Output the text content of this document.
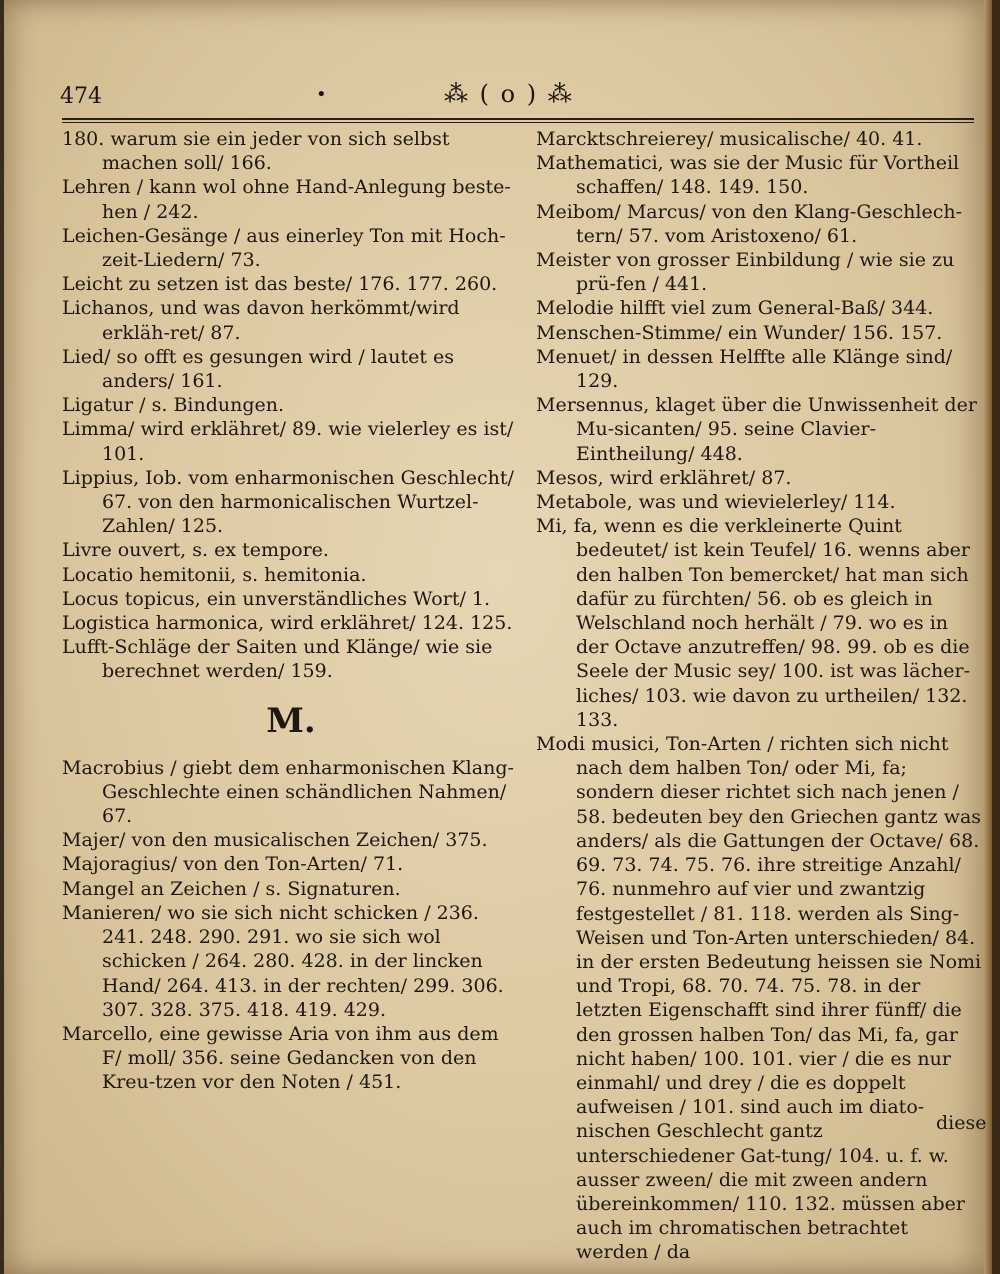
474	•	⁂ ( o ) ⁂

180. warum sie ein jeder von sich selbst machen soll/ 166.

Lehren / kann wol ohne Hand-Anlegung beste-hen / 242.

Leichen-Gesänge / aus einerley Ton mit Hoch-zeit-Liedern/ 73.

Leicht zu setzen ist das beste/ 176. 177. 260.

Lichanos, und was davon herkömmt/wird erkläh-ret/ 87.

Lied/ so offt es gesungen wird / lautet es anders/ 161.

Ligatur / s. Bindungen.

Limma/ wird erklähret/ 89. wie vielerley es ist/ 101.

Lippius, Iob. vom enharmonischen Geschlecht/ 67. von den harmonicalischen Wurtzel-Zahlen/ 125.

Livre ouvert, s. ex tempore.

Locatio hemitonii, s. hemitonia.

Locus topicus, ein unverständliches Wort/ 1.

Logistica harmonica, wird erklähret/ 124. 125.

Lufft-Schläge der Saiten und Klänge/ wie sie berechnet werden/ 159.

M.

Macrobius / giebt dem enharmonischen Klang-Geschlechte einen schändlichen Nahmen/ 67.

Majer/ von den musicalischen Zeichen/ 375.

Majoragius/ von den Ton-Arten/ 71.

Mangel an Zeichen / s. Signaturen.

Manieren/ wo sie sich nicht schicken / 236. 241. 248. 290. 291. wo sie sich wol schicken / 264. 280. 428. in der lincken Hand/ 264. 413. in der rechten/ 299. 306. 307. 328. 375. 418. 419. 429.

Marcello, eine gewisse Aria von ihm aus dem F/ moll/ 356. seine Gedancken von den Kreu-tzen vor den Noten / 451.

Marcktschreierey/ musicalische/ 40. 41.

Mathematici, was sie der Music für Vortheil schaffen/ 148. 149. 150.

Meibom/ Marcus/ von den Klang-Geschlech-tern/ 57. vom Aristoxeno/ 61.

Meister von grosser Einbildung / wie sie zu prü-fen / 441.

Melodie hilfft viel zum General-Baß/ 344.

Menschen-Stimme/ ein Wunder/ 156. 157.

Menuet/ in dessen Helffte alle Klänge sind/ 129.

Mersennus, klaget über die Unwissenheit der Mu-sicanten/ 95. seine Clavier-Eintheilung/ 448.

Mesos, wird erklähret/ 87.

Metabole, was und wievielerley/ 114.

Mi, fa, wenn es die verkleinerte Quint bedeutet/ ist kein Teufel/ 16. wenns aber den halben Ton bemercket/ hat man sich dafür zu fürchten/ 56. ob es gleich in Welschland noch herhält / 79. wo es in der Octave anzutreffen/ 98. 99. ob es die Seele der Music sey/ 100. ist was lächer-liches/ 103. wie davon zu urtheilen/ 132. 133.

Modi musici, Ton-Arten / richten sich nicht nach dem halben Ton/ oder Mi, fa; sondern dieser richtet sich nach jenen / 58. bedeuten bey den Griechen gantz was anders/ als die Gattungen der Octave/ 68. 69. 73. 74. 75. 76. ihre streitige Anzahl/ 76. nunmehro auf vier und zwantzig festgestellet / 81. 118. werden als Sing-Weisen und Ton-Arten unterschieden/ 84. in der ersten Bedeutung heissen sie Nomi und Tropi, 68. 70. 74. 75. 78. in der letzten Eigenschafft sind ihrer fünff/ die den grossen halben Ton/ das Mi, fa, gar nicht haben/ 100. 101. vier / die es nur einmahl/ und drey / die es doppelt aufweisen / 101. sind auch im diato-nischen Geschlecht gantz unterschiedener Gat-tung/ 104. u. f. w. ausser zween/ die mit zween andern übereinkommen/ 110. 132. müssen aber auch im chromatischen betrachtet werden / da

diese
